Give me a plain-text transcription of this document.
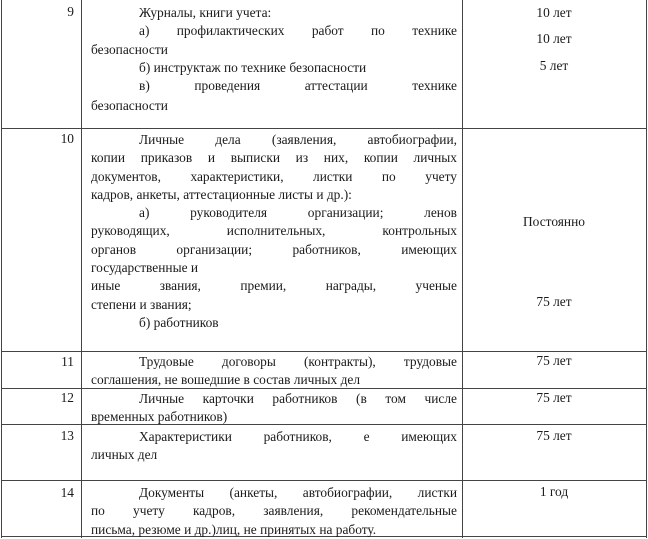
9	Журналы, книги учета:
а) профилактических работ по технике
безопасности
б) инструктаж по технике безопасности
в) проведения аттестации технике
безопасности
10 лет
10 лет
5 лет
10	Личные дела (заявления, автобиографии,
копии приказов и выписки из них, копии личных
документов, характеристики, листки по учету
кадров, анкеты, аттестационные листы и др.):
а) руководителя организации; ленов
руководящих, исполнительных, контрольных
органов организации; работников, имеющих
государственные и
иные звания, премии, награды, ученые
степени и звания;
б) работников
Постоянно
75 лет
11	Трудовые договоры (контракты), трудовые
соглашения, не вошедшие в состав личных дел
75 лет
12	Личные карточки работников (в том числе
временных работников)
75 лет
13	Характеристики работников, е имеющих
личных дел
75 лет
14	Документы (анкеты, автобиографии, листки
по учету кадров, заявления, рекомендательные
письма, резюме и др.)лиц, не принятых на работу.
1 год
